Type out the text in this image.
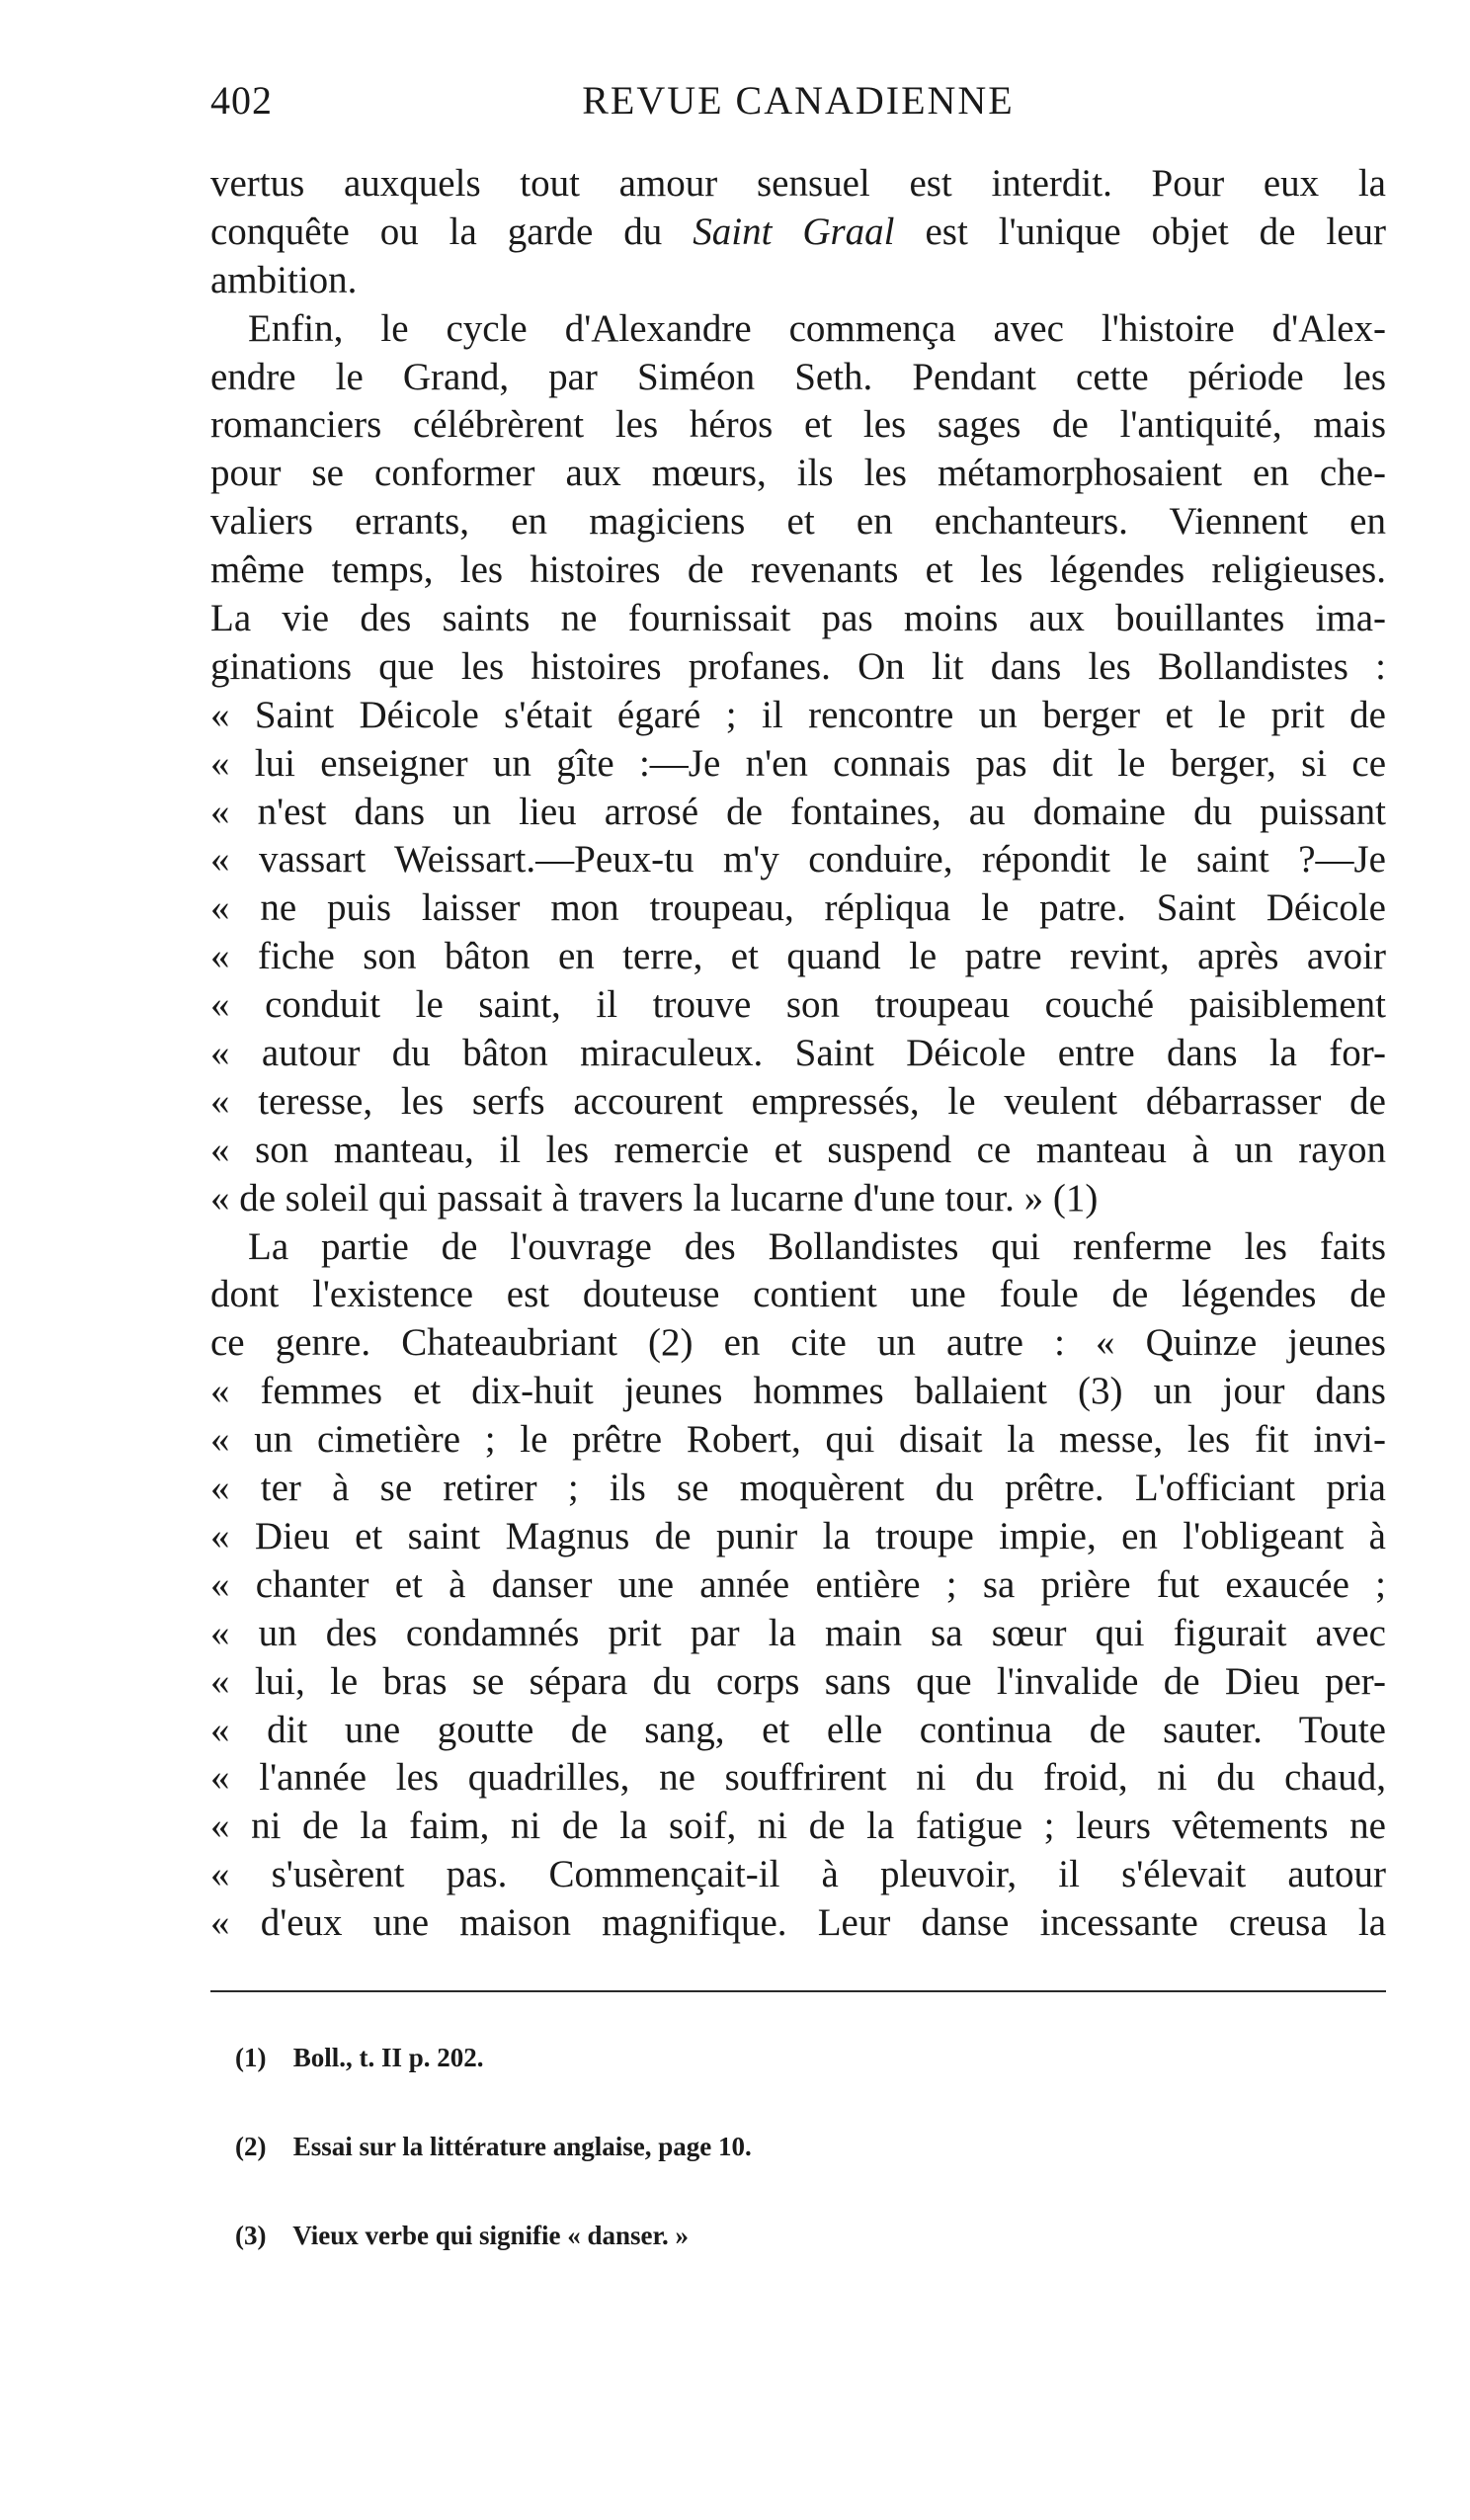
402	REVUE CANADIENNE
vertus auxquels tout amour sensuel est interdit. Pour eux la
conquête ou la garde du Saint Graal est l'unique objet de leur
ambition.
Enfin, le cycle d'Alexandre commença avec l'histoire d'Alex-
endre le Grand, par Siméon Seth. Pendant cette période les
romanciers célébrèrent les héros et les sages de l'antiquité, mais
pour se conformer aux mœurs, ils les métamorphosaient en che-
valiers errants, en magiciens et en enchanteurs. Viennent en
même temps, les histoires de revenants et les légendes religieuses.
La vie des saints ne fournissait pas moins aux bouillantes ima-
ginations que les histoires profanes. On lit dans les Bollandistes :
« Saint Déicole s'était égaré ; il rencontre un berger et le prit de
« lui enseigner un gîte :—Je n'en connais pas dit le berger, si ce
« n'est dans un lieu arrosé de fontaines, au domaine du puissant
« vassart Weissart.—Peux-tu m'y conduire, répondit le saint ?—Je
« ne puis laisser mon troupeau, répliqua le patre. Saint Déicole
« fiche son bâton en terre, et quand le patre revint, après avoir
« conduit le saint, il trouve son troupeau couché paisiblement
« autour du bâton miraculeux. Saint Déicole entre dans la for-
« teresse, les serfs accourent empressés, le veulent débarrasser de
« son manteau, il les remercie et suspend ce manteau à un rayon
« de soleil qui passait à travers la lucarne d'une tour. » (1)
La partie de l'ouvrage des Bollandistes qui renferme les faits
dont l'existence est douteuse contient une foule de légendes de
ce genre. Chateaubriant (2) en cite un autre : « Quinze jeunes
« femmes et dix-huit jeunes hommes ballaient (3) un jour dans
« un cimetière ; le prêtre Robert, qui disait la messe, les fit invi-
« ter à se retirer ; ils se moquèrent du prêtre. L'officiant pria
« Dieu et saint Magnus de punir la troupe impie, en l'obligeant à
« chanter et à danser une année entière ; sa prière fut exaucée ;
« un des condamnés prit par la main sa sœur qui figurait avec
« lui, le bras se sépara du corps sans que l'invalide de Dieu per-
« dit une goutte de sang, et elle continua de sauter. Toute
« l'année les quadrilles, ne souffrirent ni du froid, ni du chaud,
« ni de la faim, ni de la soif, ni de la fatigue ; leurs vêtements ne
« s'usèrent pas. Commençait-il à pleuvoir, il s'élevait autour
« d'eux une maison magnifique. Leur danse incessante creusa la
(1) Boll., t. II p. 202.
(2) Essai sur la littérature anglaise, page 10.
(3) Vieux verbe qui signifie « danser. »
